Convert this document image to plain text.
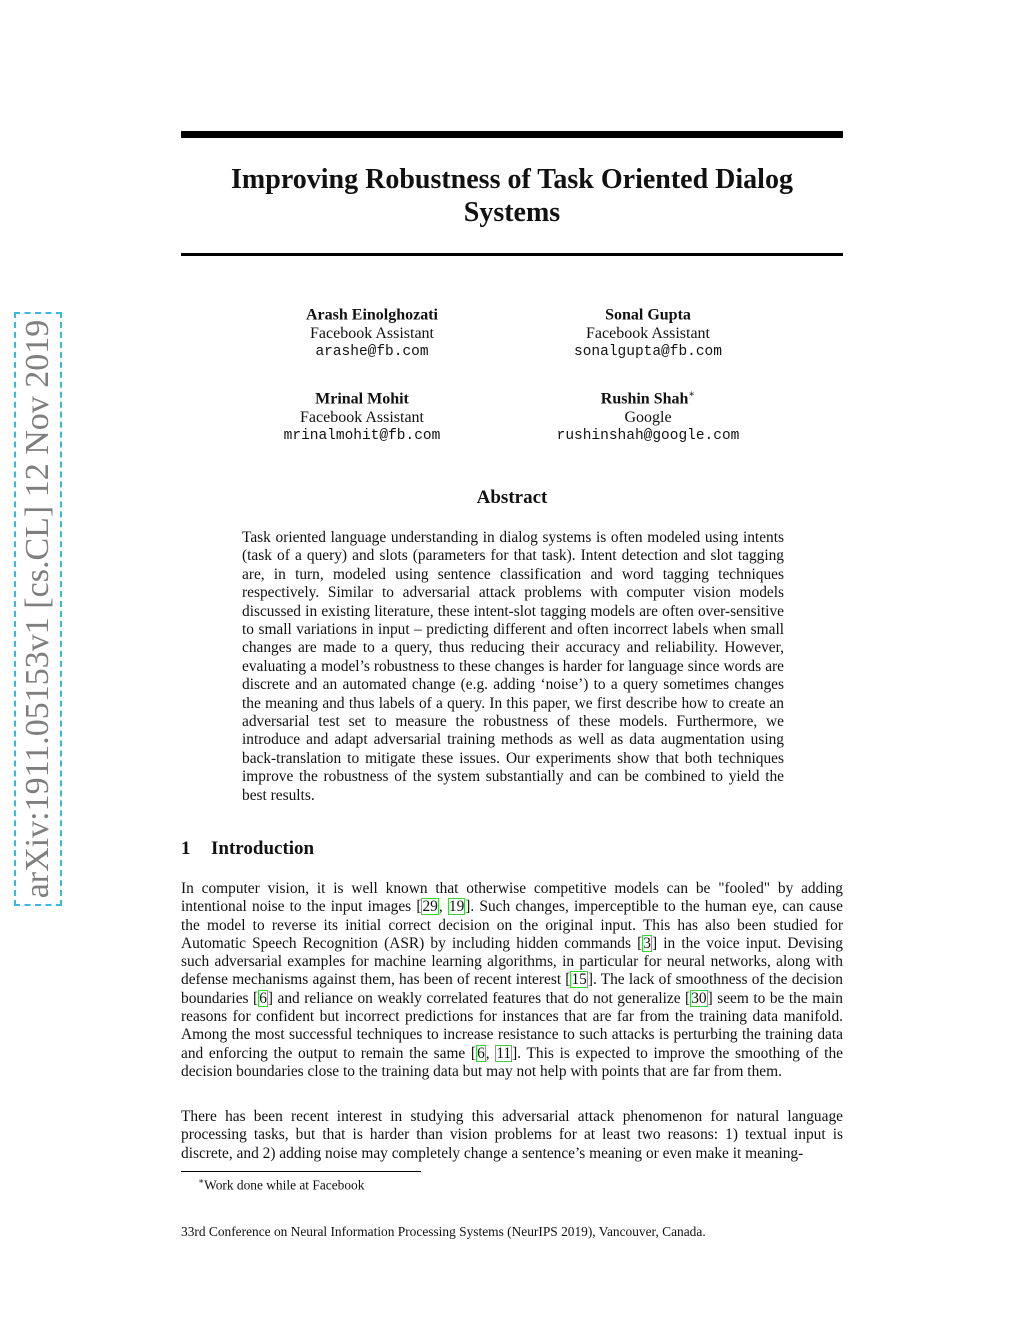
arXiv:1911.05153v1 [cs.CL] 12 Nov 2019
Improving Robustness of Task Oriented Dialog Systems
Arash Einolghozati
Facebook Assistant
arashe@fb.com
Sonal Gupta
Facebook Assistant
sonalgupta@fb.com
Mrinal Mohit
Facebook Assistant
mrinalmohit@fb.com
Rushin Shah∗
Google
rushinshah@google.com
Abstract

Task oriented language understanding in dialog systems is often modeled using intents (task of a query) and slots (parameters for that task). Intent detection and slot tagging are, in turn, modeled using sentence classification and word tagging techniques respectively. Similar to adversarial attack problems with computer vision models discussed in existing literature, these intent-slot tagging models are often over-sensitive to small variations in input – predicting different and often incorrect labels when small changes are made to a query, thus reducing their accuracy and reliability. However, evaluating a model’s robustness to these changes is harder for language since words are discrete and an automated change (e.g. adding ‘noise’) to a query sometimes changes the meaning and thus labels of a query. In this paper, we first describe how to create an adversarial test set to measure the robustness of these models. Furthermore, we introduce and adapt adversarial training methods as well as data augmentation using back-translation to mitigate these issues. Our experiments show that both techniques improve the robustness of the system substantially and can be combined to yield the best results.

1 Introduction

In computer vision, it is well known that otherwise competitive models can be "fooled" by adding intentional noise to the input images [29, 19]. Such changes, imperceptible to the human eye, can cause the model to reverse its initial correct decision on the original input. This has also been studied for Automatic Speech Recognition (ASR) by including hidden commands [3] in the voice input. Devising such adversarial examples for machine learning algorithms, in particular for neural networks, along with defense mechanisms against them, has been of recent interest [15]. The lack of smoothness of the decision boundaries [6] and reliance on weakly correlated features that do not generalize [30] seem to be the main reasons for confident but incorrect predictions for instances that are far from the training data manifold. Among the most successful techniques to increase resistance to such attacks is perturbing the training data and enforcing the output to remain the same [6, 11]. This is expected to improve the smoothing of the decision boundaries close to the training data but may not help with points that are far from them.

There has been recent interest in studying this adversarial attack phenomenon for natural language processing tasks, but that is harder than vision problems for at least two reasons: 1) textual input is discrete, and 2) adding noise may completely change a sentence’s meaning or even make it meaning-

∗Work done while at Facebook

33rd Conference on Neural Information Processing Systems (NeurIPS 2019), Vancouver, Canada.
